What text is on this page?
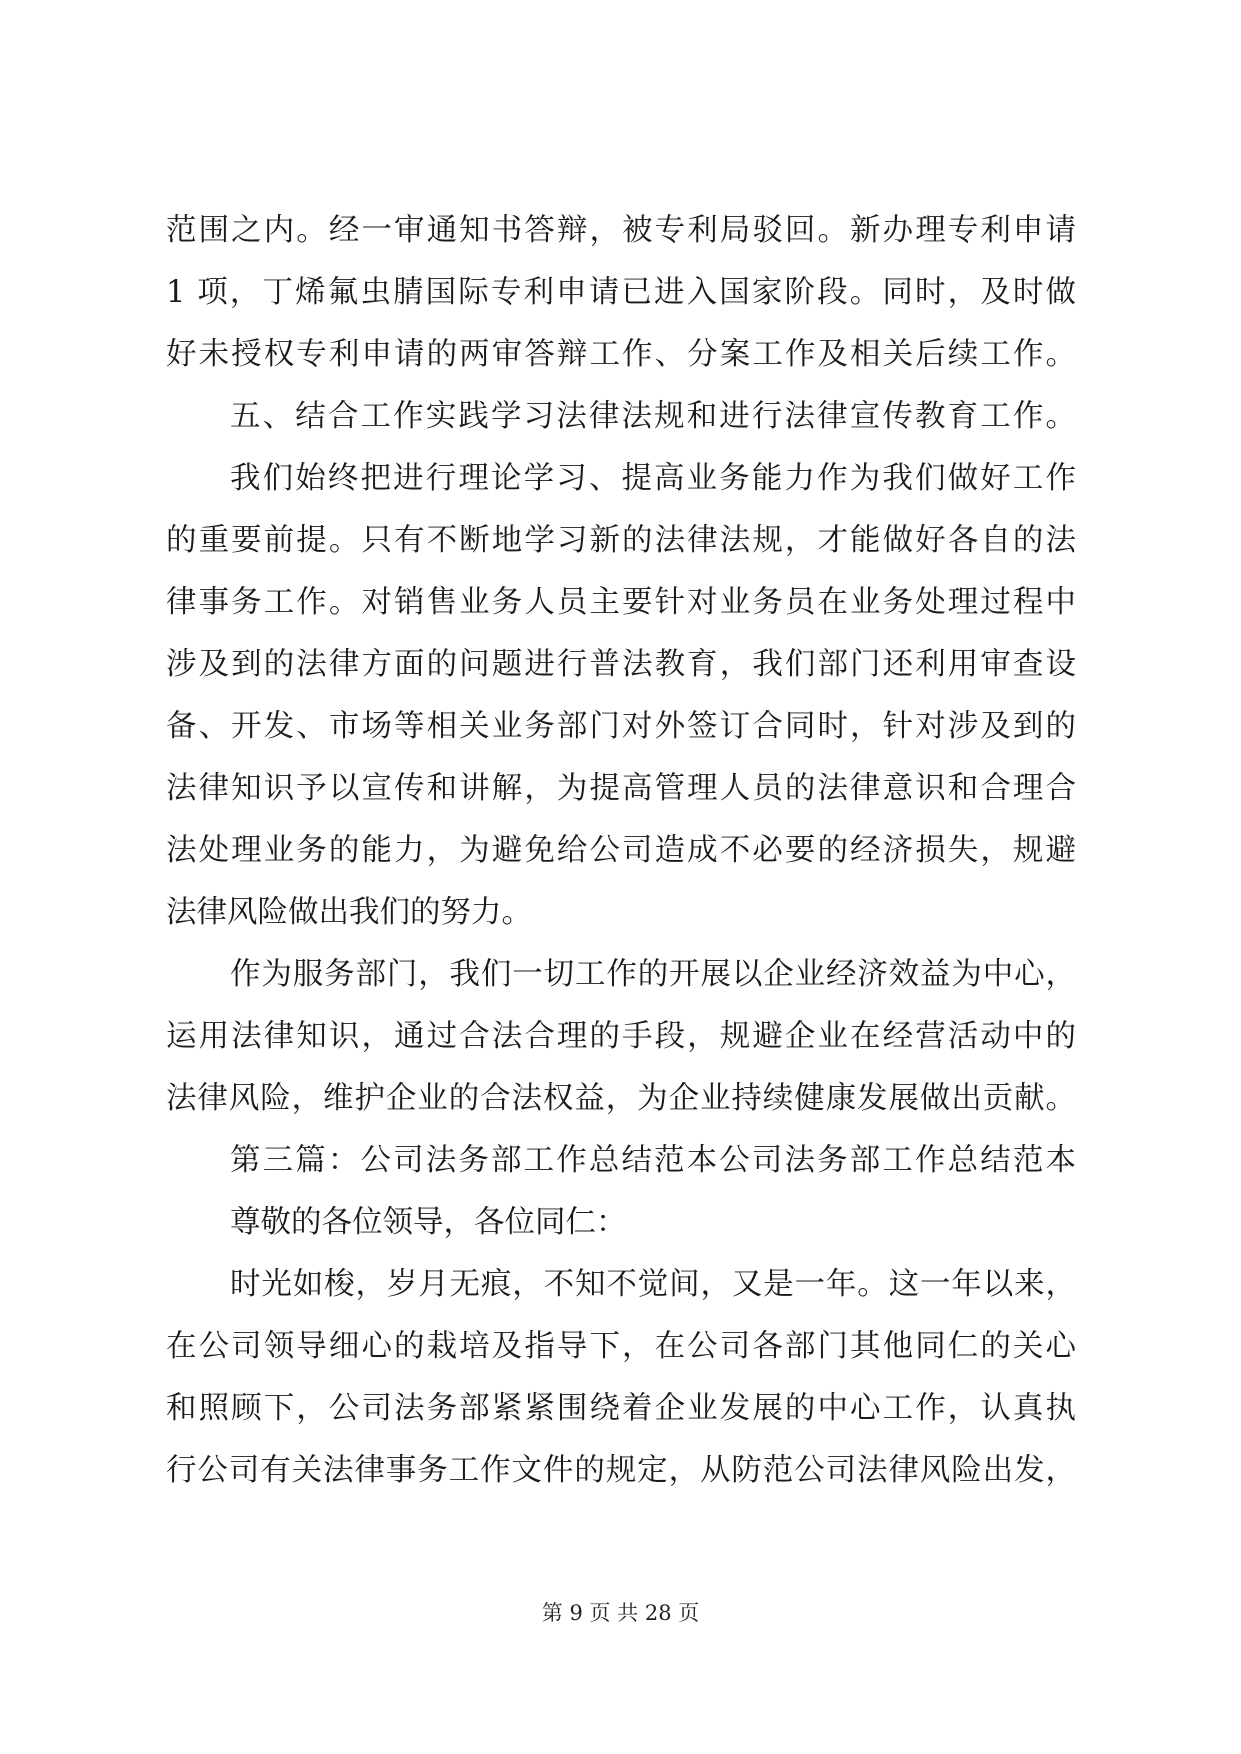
范围之内。经一审通知书答辩，被专利局驳回。新办理专利申请
1 项，丁烯氟虫腈国际专利申请已进入国家阶段。同时，及时做
好未授权专利申请的两审答辩工作、分案工作及相关后续工作。
五、结合工作实践学习法律法规和进行法律宣传教育工作。
我们始终把进行理论学习、提高业务能力作为我们做好工作
的重要前提。只有不断地学习新的法律法规，才能做好各自的法
律事务工作。对销售业务人员主要针对业务员在业务处理过程中
涉及到的法律方面的问题进行普法教育，我们部门还利用审查设
备、开发、市场等相关业务部门对外签订合同时，针对涉及到的
法律知识予以宣传和讲解，为提高管理人员的法律意识和合理合
法处理业务的能力，为避免给公司造成不必要的经济损失，规避
法律风险做出我们的努力。
作为服务部门，我们一切工作的开展以企业经济效益为中心，
运用法律知识，通过合法合理的手段，规避企业在经营活动中的
法律风险，维护企业的合法权益，为企业持续健康发展做出贡献。
第三篇：公司法务部工作总结范本公司法务部工作总结范本
尊敬的各位领导，各位同仁：
时光如梭，岁月无痕，不知不觉间，又是一年。这一年以来，
在公司领导细心的栽培及指导下，在公司各部门其他同仁的关心
和照顾下，公司法务部紧紧围绕着企业发展的中心工作，认真执
行公司有关法律事务工作文件的规定，从防范公司法律风险出发，
第 9 页 共 28 页
